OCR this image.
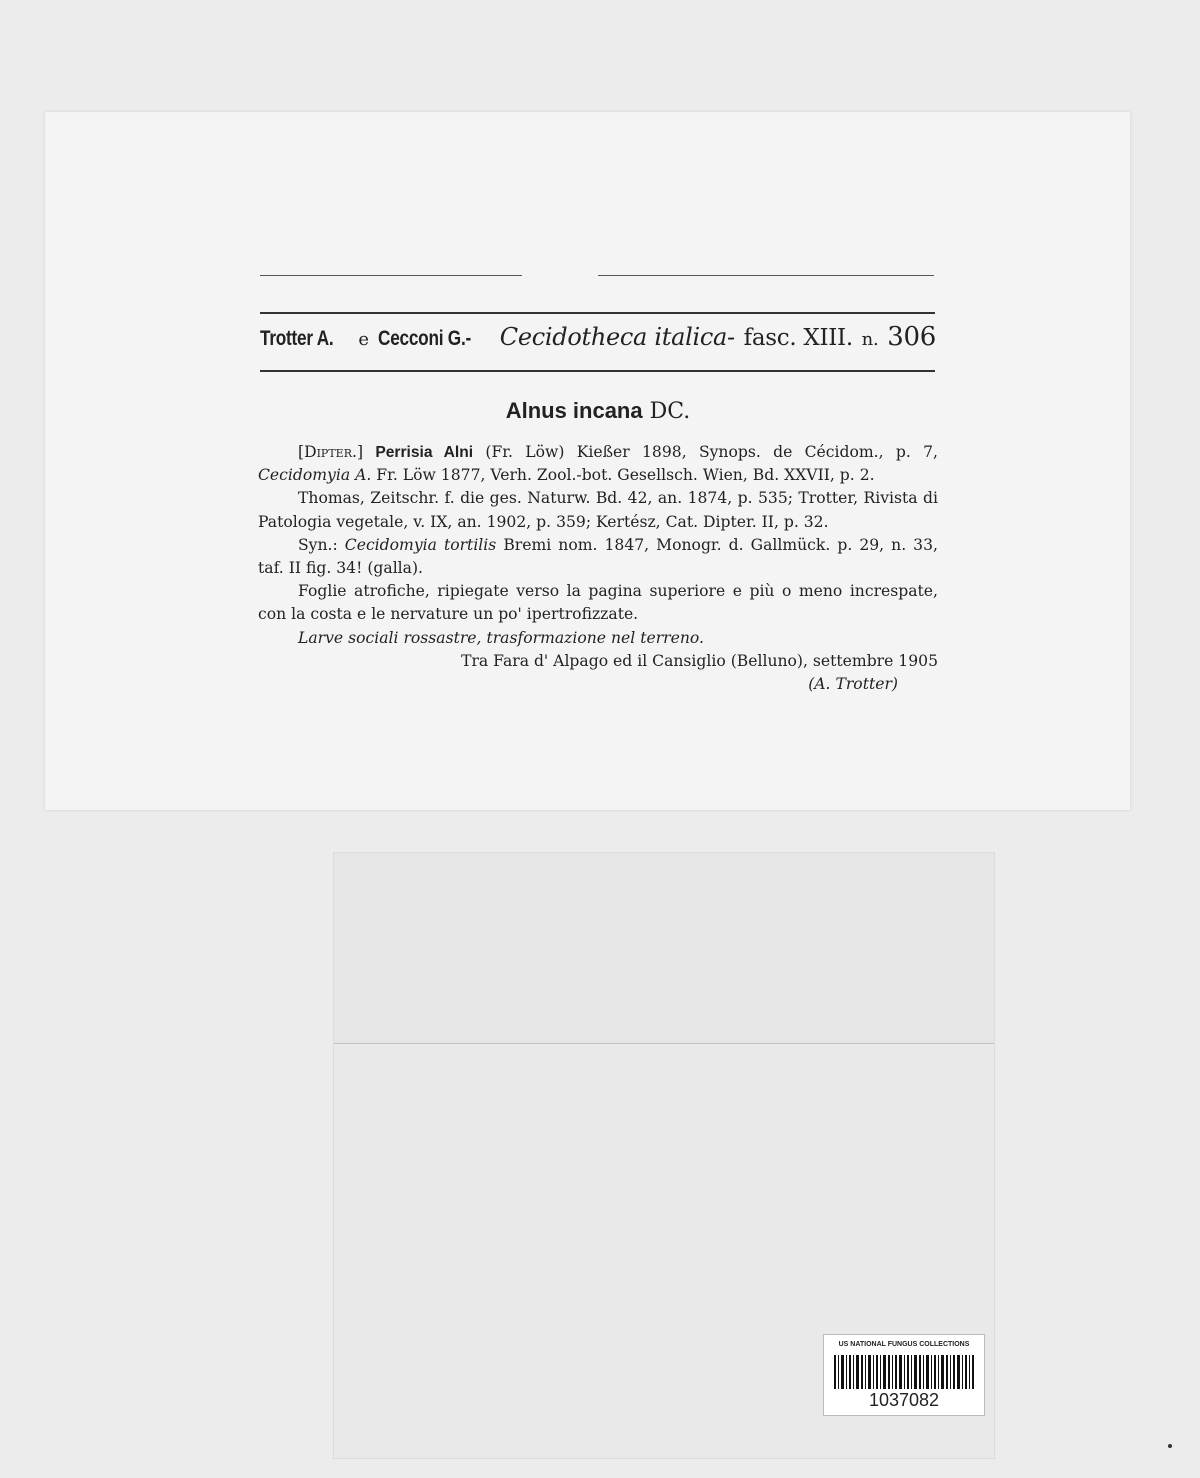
Trotter A.	e Cecconi G.-	Cecidotheca italica- fasc. XIII. n. 306
Alnus incana DC.

[Dipter.] Perrisia Alni (Fr. Löw) Kießer 1898, Synops. de Cécidom., p. 7, Cecidomyia A. Fr. Löw 1877, Verh. Zool.-bot. Gesellsch. Wien, Bd. XXVII, p. 2.

Thomas, Zeitschr. f. die ges. Naturw. Bd. 42, an. 1874, p. 535; Trotter, Rivista di Patologia vegetale, v. IX, an. 1902, p. 359; Kertész, Cat. Dipter. II, p. 32.

Syn.: Cecidomyia tortilis Bremi nom. 1847, Monogr. d. Gallmück. p. 29, n. 33, taf. II fig. 34! (galla).

Foglie atrofiche, ripiegate verso la pagina superiore e più o meno increspate, con la costa e le nervature un po' ipertrofizzate.

Larve sociali rossastre, trasformazione nel terreno.

Tra Fara d' Alpago ed il Cansiglio (Belluno), settembre 1905

(A. Trotter)

US NATIONAL FUNGUS COLLECTIONS
1037082
